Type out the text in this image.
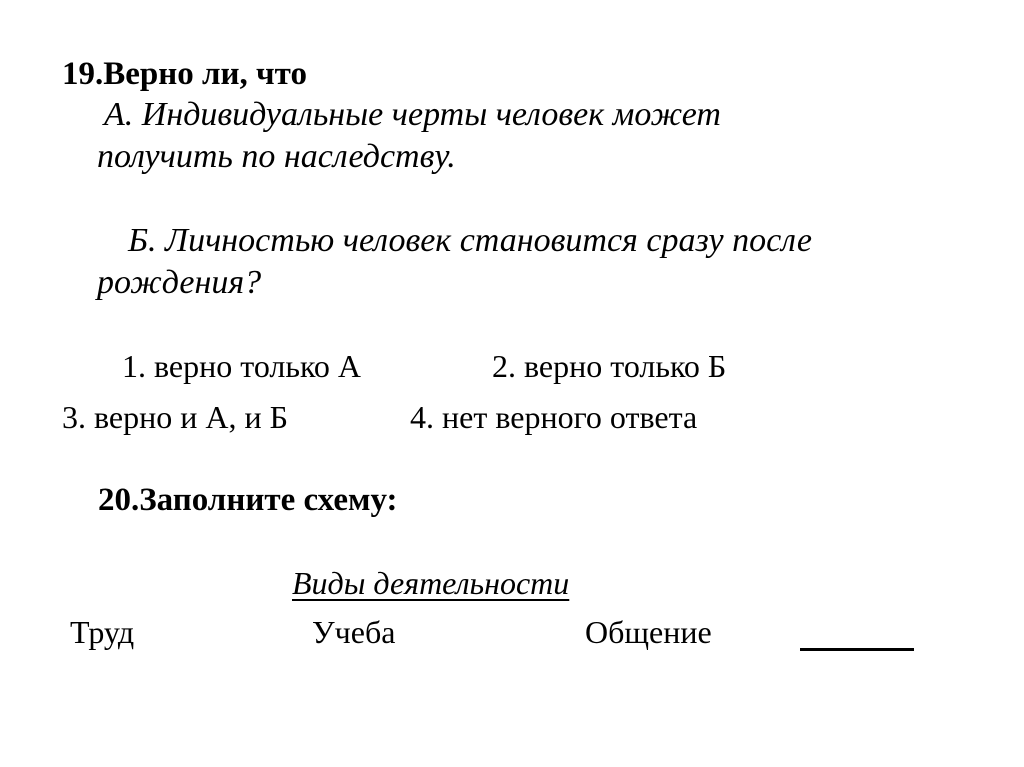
19.Верно ли, что
А. Индивидуальные черты человек может
получить по наследству.
Б. Личностью человек становится сразу после
рождения?
1. верно только А	2. верно только Б
3. верно и А, и Б	4. нет верного ответа
20.Заполните схему:
Виды деятельности
Труд	Учеба	Общение
